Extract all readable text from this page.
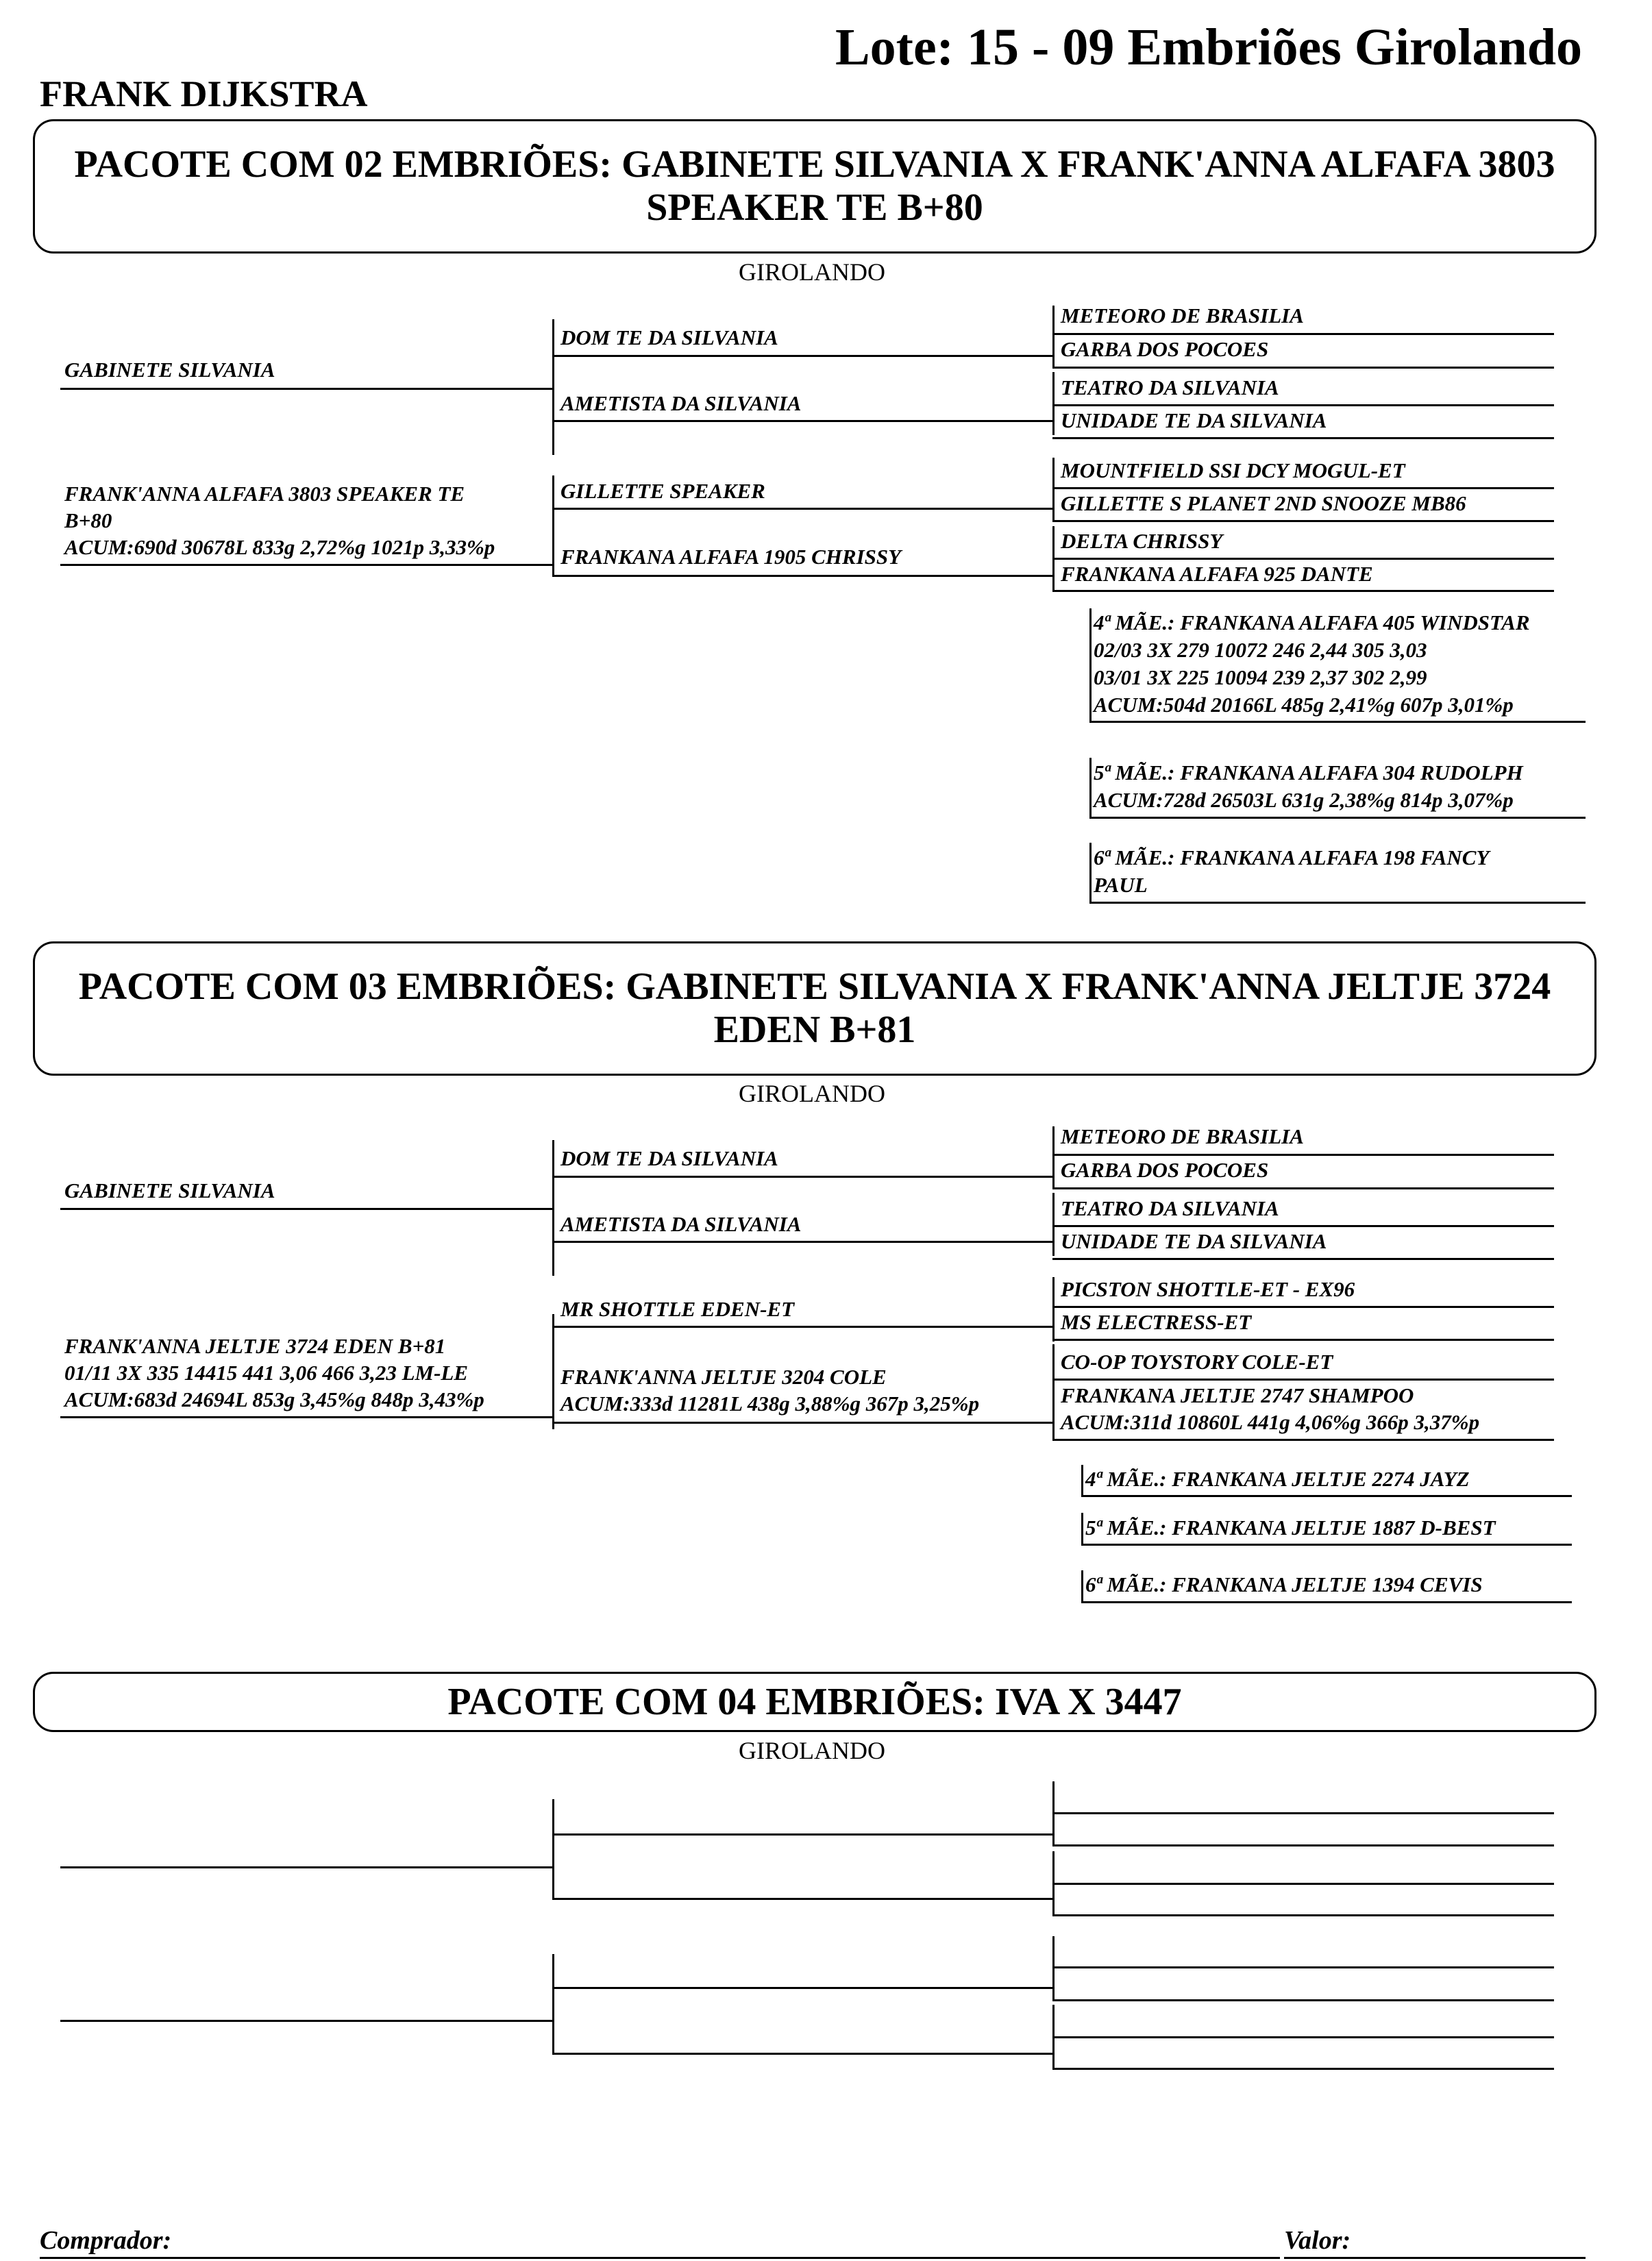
Lote: 15 - 09 Embriões Girolando
FRANK DIJKSTRA
PACOTE COM 02 EMBRIÕES: GABINETE SILVANIA X FRANK'ANNA ALFAFA 3803 SPEAKER TE B+80
GIROLANDO
GABINETE SILVANIA
DOM TE DA SILVANIA
AMETISTA DA SILVANIA
METEORO DE BRASILIA
GARBA DOS POCOES
TEATRO DA SILVANIA
UNIDADE TE DA SILVANIA
FRANK'ANNA ALFAFA 3803 SPEAKER TE
B+80
ACUM:690d 30678L 833g 2,72%g 1021p 3,33%p
GILLETTE SPEAKER
FRANKANA ALFAFA 1905 CHRISSY
MOUNTFIELD SSI DCY MOGUL-ET
GILLETTE S PLANET 2ND SNOOZE MB86
DELTA CHRISSY
FRANKANA ALFAFA 925 DANTE
4ª MÃE.: FRANKANA ALFAFA 405 WINDSTAR
02/03 3X 279 10072 246 2,44 305 3,03
03/01 3X 225 10094 239 2,37 302 2,99
ACUM:504d 20166L 485g 2,41%g 607p 3,01%p
5ª MÃE.: FRANKANA ALFAFA 304 RUDOLPH
ACUM:728d 26503L 631g 2,38%g 814p 3,07%p
6ª MÃE.: FRANKANA ALFAFA 198 FANCY
PAUL
PACOTE COM 03 EMBRIÕES: GABINETE SILVANIA X FRANK'ANNA JELTJE 3724 EDEN B+81
GIROLANDO
GABINETE SILVANIA
DOM TE DA SILVANIA
AMETISTA DA SILVANIA
METEORO DE BRASILIA
GARBA DOS POCOES
TEATRO DA SILVANIA
UNIDADE TE DA SILVANIA
FRANK'ANNA JELTJE 3724 EDEN B+81
01/11 3X 335 14415 441 3,06 466 3,23 LM-LE
ACUM:683d 24694L 853g 3,45%g 848p 3,43%p
MR SHOTTLE EDEN-ET
FRANK'ANNA JELTJE 3204 COLE
ACUM:333d 11281L 438g 3,88%g 367p 3,25%p
PICSTON SHOTTLE-ET - EX96
MS ELECTRESS-ET
CO-OP TOYSTORY COLE-ET
FRANKANA JELTJE 2747 SHAMPOO
ACUM:311d 10860L 441g 4,06%g 366p 3,37%p
4ª MÃE.: FRANKANA JELTJE 2274 JAYZ
5ª MÃE.: FRANKANA JELTJE 1887 D-BEST
6ª MÃE.: FRANKANA JELTJE 1394 CEVIS
PACOTE COM 04 EMBRIÕES: IVA X 3447
GIROLANDO
Comprador:	Valor:
